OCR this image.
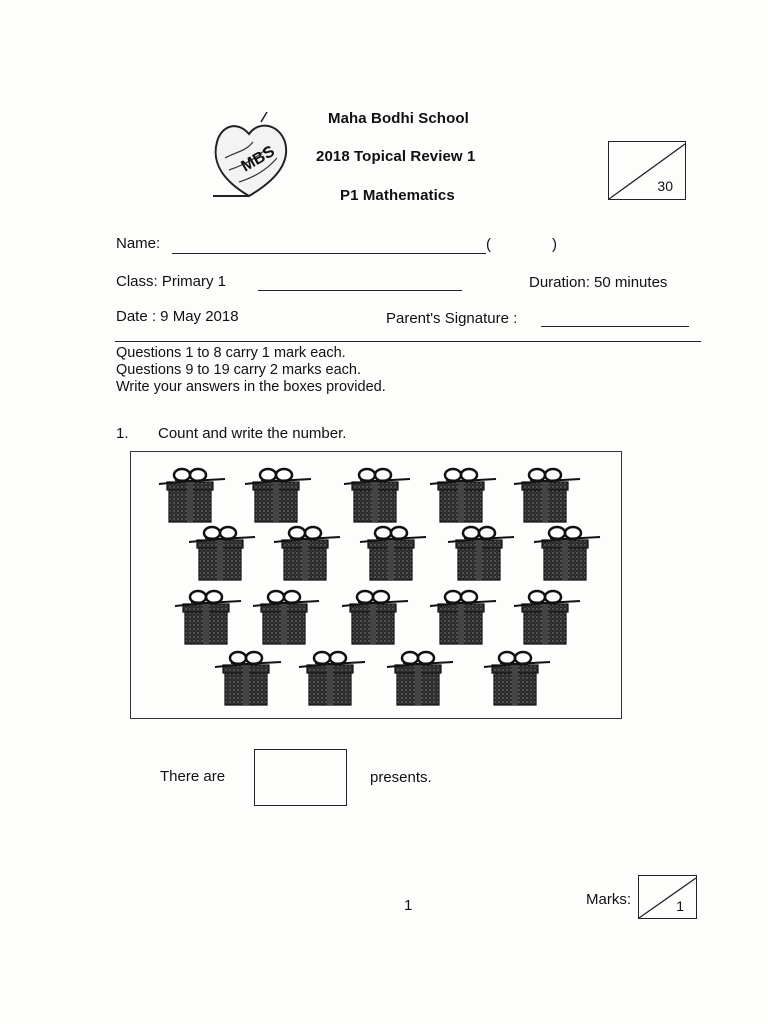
MBS
Maha Bodhi School
2018 Topical Review 1
P1 Mathematics
30
Name:	(	)
Class: Primary 1	Duration: 50 minutes
Date : 9 May 2018	Parent's Signature :
Questions 1 to 8 carry 1 mark each.
Questions 9 to 19 carry 2 marks each.
Write your answers in the boxes provided.
1. Count and write the number.
There are	presents.
1	Marks:	1
